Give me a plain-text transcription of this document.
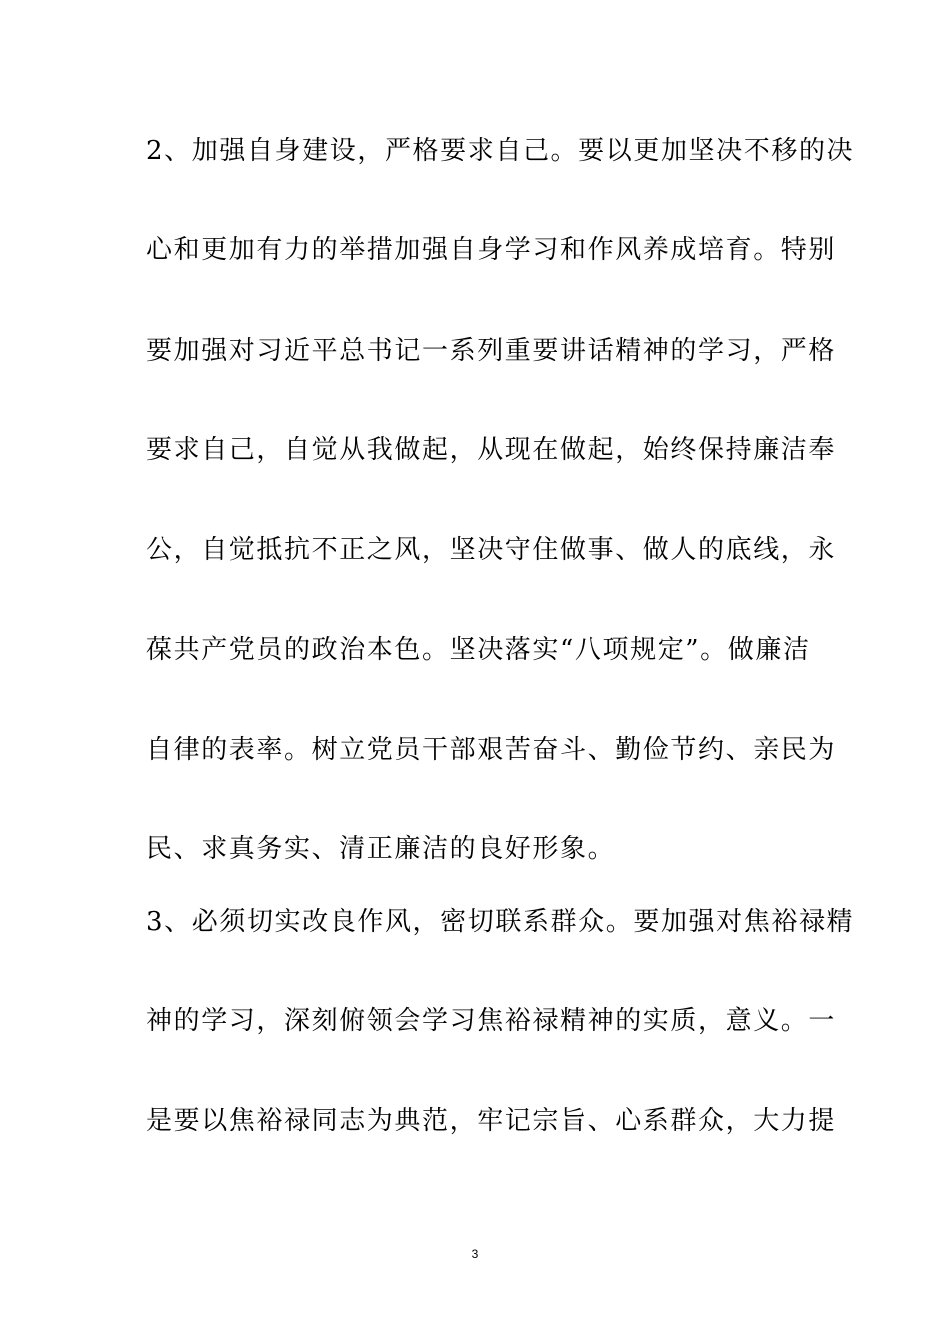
2、加强自身建设，严格要求自己。要以更加坚决不移的决
心和更加有力的举措加强自身学习和作风养成培育。特别
要加强对习近平总书记一系列重要讲话精神的学习，严格
要求自己，自觉从我做起，从现在做起，始终保持廉洁奉
公，自觉抵抗不正之风，坚决守住做事、做人的底线，永
葆共产党员的政治本色。坚决落实“八项规定”。做廉洁
自律的表率。树立党员干部艰苦奋斗、勤俭节约、亲民为
民、求真务实、清正廉洁的良好形象。
3、必须切实改良作风，密切联系群众。要加强对焦裕禄精
神的学习，深刻俯领会学习焦裕禄精神的实质，意义。一
是要以焦裕禄同志为典范，牢记宗旨、心系群众，大力提
3
